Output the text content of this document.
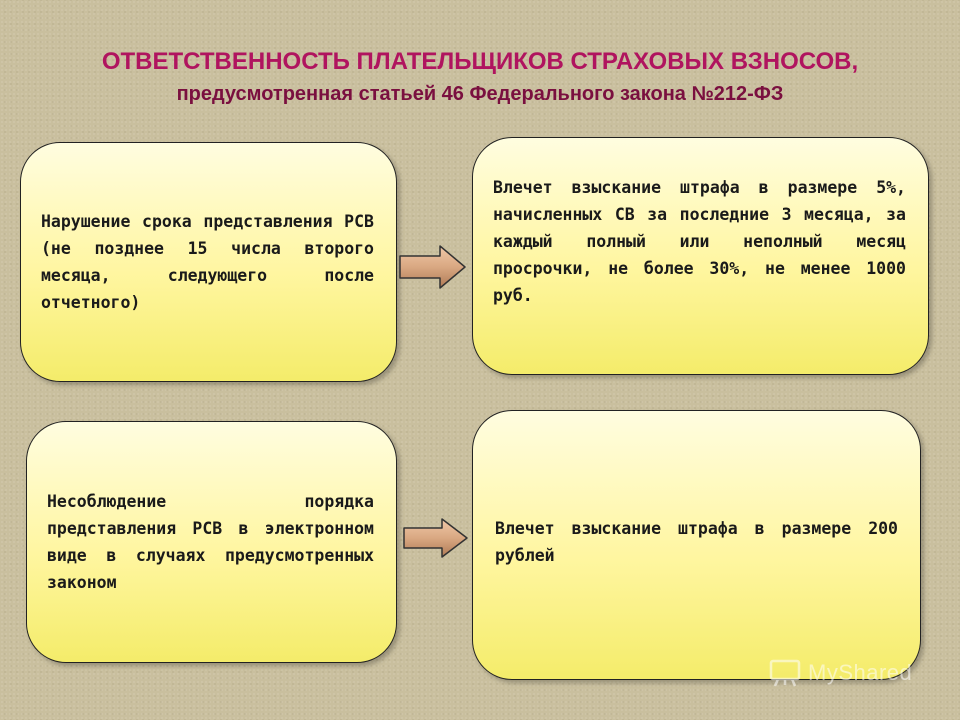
ОТВЕТСТВЕННОСТЬ ПЛАТЕЛЬЩИКОВ СТРАХОВЫХ ВЗНОСОВ,
предусмотренная статьей 46 Федерального закона №212-ФЗ
Нарушение срока представления РСВ (не позднее 15 числа второго месяца, следующего после отчетного)
Влечет взыскание штрафа в размере 5%, начисленных СВ за последние 3 месяца, за каждый полный или неполный месяц просрочки, не более 30%, не менее 1000 руб.
Несоблюдение порядка представления РСВ в электронном виде в случаях предусмотренных законом
Влечет взыскание штрафа в размере 200 рублей
MyShared
